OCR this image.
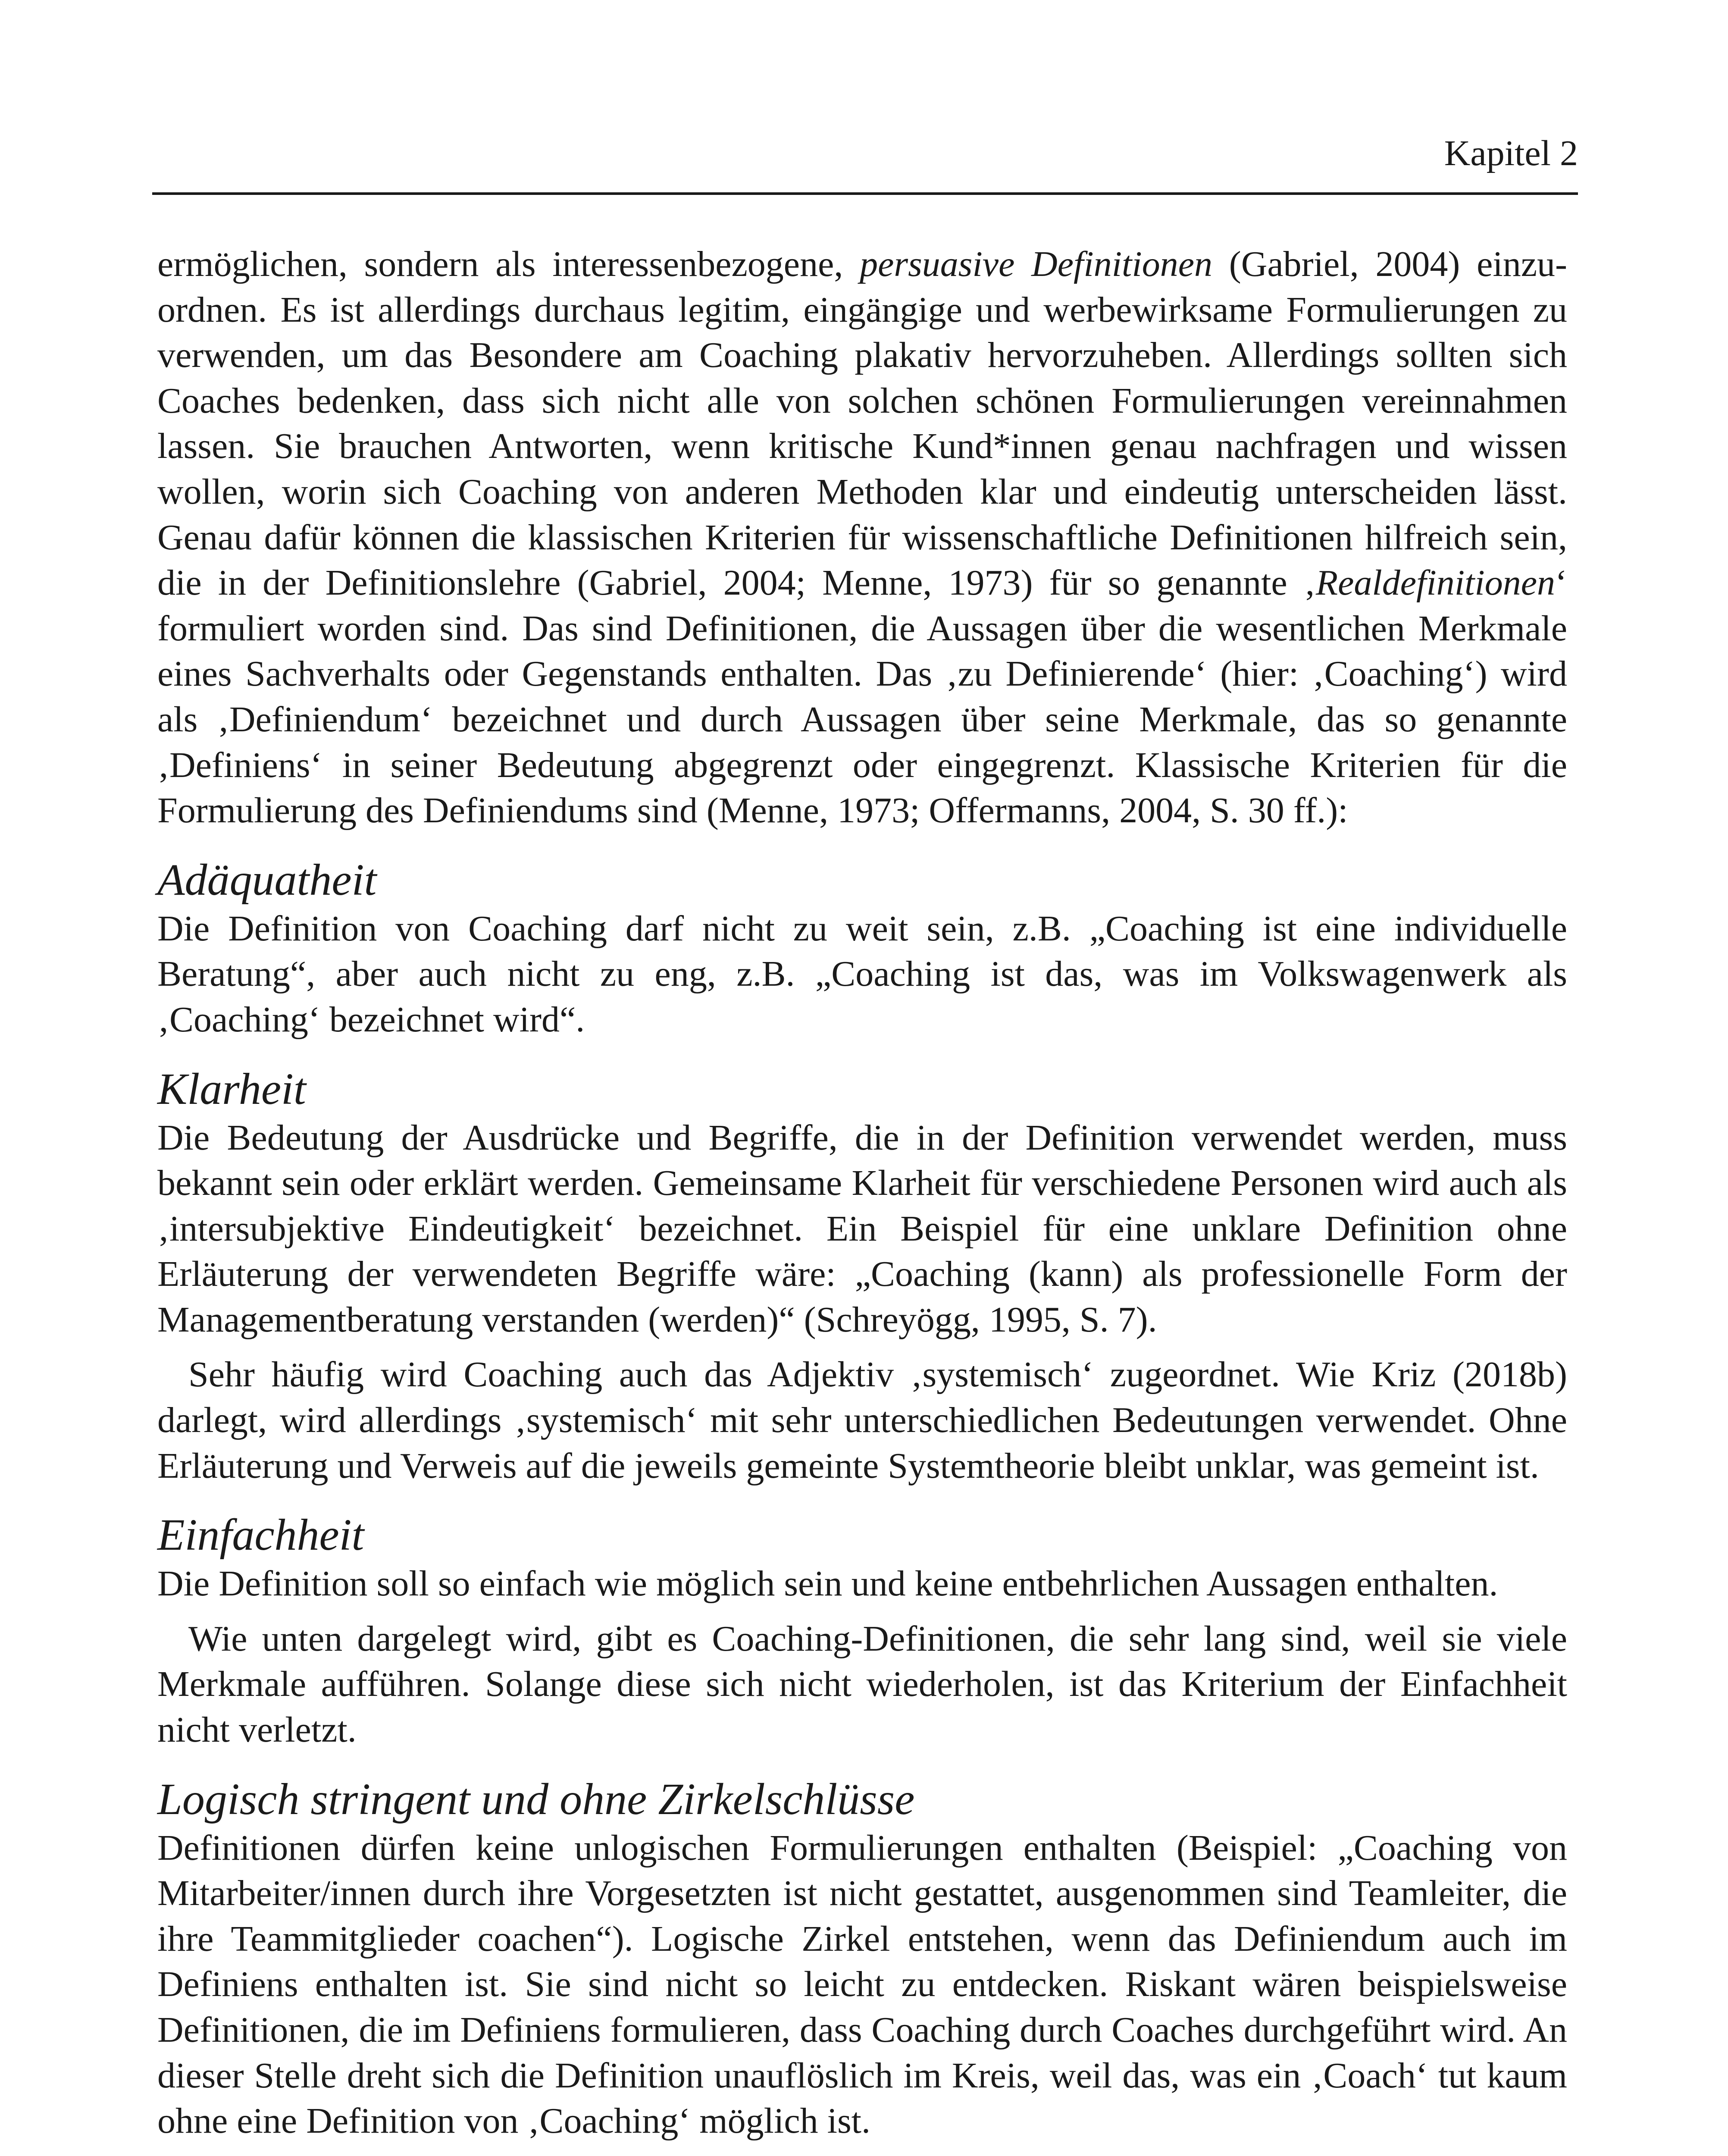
Kapitel 2

ermöglichen, sondern als interessenbezogene, persuasive Definitionen (Gabriel, 2004) einzuordnen. Es ist allerdings durchaus legitim, eingängige und werbewirksame Formulierungen zu verwenden, um das Besondere am Coaching plakativ hervorzuheben. Allerdings sollten sich Coaches bedenken, dass sich nicht alle von solchen schönen Formulierungen vereinnahmen lassen. Sie brauchen Antworten, wenn kritische Kund*innen genau nachfragen und wissen wollen, worin sich Coaching von anderen Methoden klar und eindeutig unterscheiden lässt. Genau dafür können die klassischen Kriterien für wissenschaftliche Definitionen hilfreich sein, die in der Definitionslehre (Gabriel, 2004; Menne, 1973) für so genannte ‚Realdefinitionen‘ formuliert worden sind. Das sind Definitionen, die Aussagen über die wesentlichen Merkmale eines Sachverhalts oder Gegenstands enthalten. Das ‚zu Definierende‘ (hier: ‚Coaching‘) wird als ‚Definiendum‘ bezeichnet und durch Aussagen über seine Merkmale, das so genannte ‚Definiens‘ in seiner Bedeutung abgegrenzt oder eingegrenzt. Klassische Kriterien für die Formulierung des Definiendums sind (Menne, 1973; Offermanns, 2004, S. 30 ff.):

Adäquatheit

Die Definition von Coaching darf nicht zu weit sein, z.B. „Coaching ist eine individuelle Beratung“, aber auch nicht zu eng, z.B. „Coaching ist das, was im Volkswagenwerk als ‚Coaching‘ bezeichnet wird“.

Klarheit

Die Bedeutung der Ausdrücke und Begriffe, die in der Definition verwendet werden, muss bekannt sein oder erklärt werden. Gemeinsame Klarheit für verschiedene Personen wird auch als ‚intersubjektive Eindeutigkeit‘ bezeichnet. Ein Beispiel für eine unklare Definition ohne Erläuterung der verwendeten Begriffe wäre: „Coaching (kann) als professionelle Form der Managementberatung verstanden (werden)“ (Schreyögg, 1995, S. 7).

Sehr häufig wird Coaching auch das Adjektiv ‚systemisch‘ zugeordnet. Wie Kriz (2018b) darlegt, wird allerdings ‚systemisch‘ mit sehr unterschiedlichen Bedeutungen verwendet. Ohne Erläuterung und Verweis auf die jeweils gemeinte Systemtheorie bleibt unklar, was gemeint ist.

Einfachheit

Die Definition soll so einfach wie möglich sein und keine entbehrlichen Aussagen enthalten.

Wie unten dargelegt wird, gibt es Coaching-Definitionen, die sehr lang sind, weil sie viele Merkmale aufführen. Solange diese sich nicht wiederholen, ist das Kriterium der Einfachheit nicht verletzt.

Logisch stringent und ohne Zirkelschlüsse

Definitionen dürfen keine unlogischen Formulierungen enthalten (Beispiel: „Coaching von Mitarbeiter/innen durch ihre Vorgesetzten ist nicht gestattet, ausgenommen sind Teamleiter, die ihre Teammitglieder coachen“). Logische Zirkel entstehen, wenn das Definiendum auch im Definiens enthalten ist. Sie sind nicht so leicht zu entdecken. Riskant wären beispielsweise Definitionen, die im Definiens formulieren, dass Coaching durch Coaches durchgeführt wird. An dieser Stelle dreht sich die Definition unauflöslich im Kreis, weil das, was ein ‚Coach‘ tut kaum ohne eine Definition von ‚Coaching‘ möglich ist.
